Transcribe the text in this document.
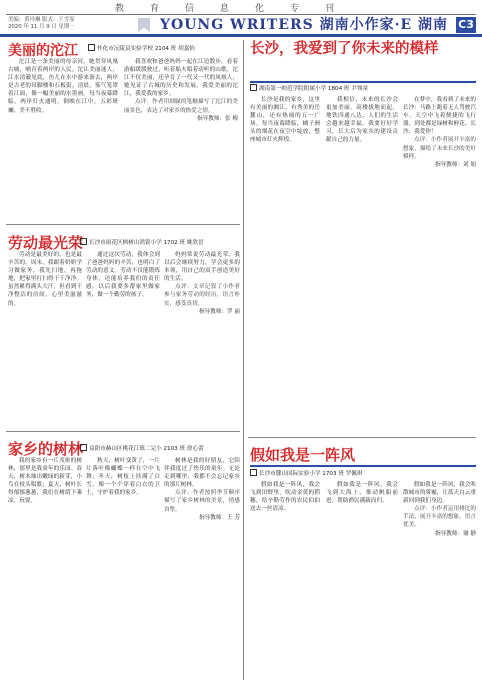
教	育	信	息	化	专	刊
美编：黄玲琳 版式：王雪霏
2020 年 11 月 9 日 星期一	YOUNG WRITERS 湖南小作家·E 湖南 C3
美丽的沱江	怀化市沅陵县实验学校 2104 班 胡嘉怡

沱江是一条美丽的母亲河，她贯穿凤凰古城，哺育着两岸的人民。沱江美丽迷人，江水清澈见底，鱼儿在水中游来游去，两岸是古老的吊脚楼和石板街。清晨，雾气笼罩着江面，像一幅美丽的水墨画。每当夜幕降临，两岸灯火通明，倒映在江中，五彩斑斓，美不胜收。

我喜欢和爸爸妈妈一起在江边散步，看着游船缓缓驶过，听着船夫唱着动听的山歌。沱江不仅美丽，还孕育了一代又一代的凤凰人，她见证了古城的历史和发展。我爱美丽的沱江，我爱我的家乡。

点评：作者用细腻的笔触描写了沱江的美丽景色，表达了对家乡的热爱之情。

指导教师：张 梅

劳动最光荣	长沙市雨花区枫树山鸿铭小学 1702 班 姚欣语

劳动是最美好的，也是最辛苦的。周末，我跟着奶奶学习做家务。我先扫地，再拖地，把家里打扫得干干净净。虽然累得满头大汗，但看到干净整洁的房间，心里美滋滋的。

通过这次劳动，我体会到了爸爸妈妈的辛苦，也明白了劳动的意义。劳动不仅能锻炼身体，还能培养我们的责任感。以后我要多帮家里做家务，做一个勤劳的孩子。

妈妈常说劳动最光荣。我以后会继续努力，学会更多的本领，用自己的双手创造美好的生活。

点评：文章记叙了小作者参与家务劳动的经历，语言朴实，感受真切。

指导教师：罗 丽

家乡的树林	益阳市赫山区桃花江镇二完小 2103 班 徐心蕾

我的家乡有一片茂密的树林，那里是我童年的乐园。春天，树木抽出嫩绿的新芽，小鸟在枝头唱歌；夏天，树叶长得郁郁葱葱，我们在树荫下乘凉、玩耍。

秋天，树叶变黄了，一片片落叶像蝴蝶一样在空中飞舞；冬天，树枝上挂满了白雪，像一个个穿着白衣的卫士，守护着我的家乡。

树林是我的好朋友，它陪伴我度过了快乐的童年。无论走到哪里，我都不会忘记家乡的那片树林。

点评：作者按照季节顺序描写了家乡树林的美景，情感真挚。

指导教师：王 芳

长沙，我爱到了你未来的模样
湖南第一师范学院附属小学 1804 班 尹骞童

长沙是我的家乡，这里有美丽的湘江，有秀美的岳麓山，还有热闹的五一广场。每当夜幕降临，橘子洲头的烟花在夜空中绽放，整座城市灯火辉煌。

我相信，未来的长沙会更加美丽。高楼拔地而起，地铁四通八达，人们的生活会越来越幸福。我要好好学习，长大后为家乡的建设贡献自己的力量。

在梦中，我看到了未来的长沙：马路上跑着无人驾驶汽车，天空中飞着便捷的飞行器，到处都是绿树和鲜花。长沙，我爱你！

点评：小作者展开丰富的想象，描绘了未来长沙的美好模样。

指导教师：刘 娟

假如我是一阵风
长沙市麓山国际实验小学 1703 班 罗佩琪

假如我是一阵风，我会飞到田野里，吹动金黄的稻穗，给辛勤劳作的农民伯伯送去一丝清凉。

假如我是一阵风，我会飞到大海上，推动帆船前进，帮助渔民满载而归。

假如我是一阵风，我会吹散城市的雾霾，让蓝天白云重新回到我们身边。

点评：小作者运用排比的手法，展开丰富的想象，语言优美。

指导教师：谢 静
